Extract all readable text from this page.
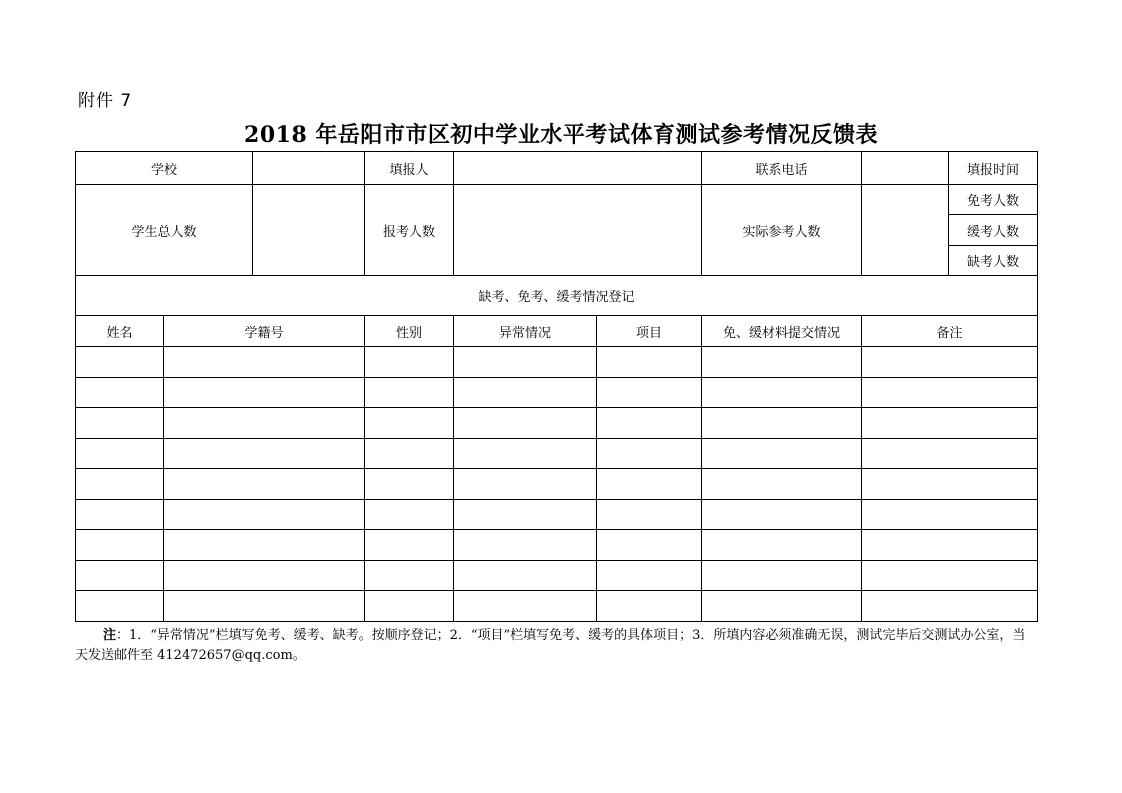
附件 7
2018 年岳阳市市区初中学业水平考试体育测试参考情况反馈表
学校			填报人			联系电话		填报时间	
学生总人数			报考人数			实际参考人数		免考人数	
								缓考人数	
								缺考人数	
缺考、免考、缓考情况登记									
姓名	学籍号		性别	异常情况	项目	免、缓材料提交情况	备注		

注：1．“异常情况”栏填写免考、缓考、缺考。按顺序登记；2．“项目”栏填写免考、缓考的具体项目；3．所填内容必须准确无误，测试完毕后交测试办公室，当天发送邮件至 412472657@qq.com。
